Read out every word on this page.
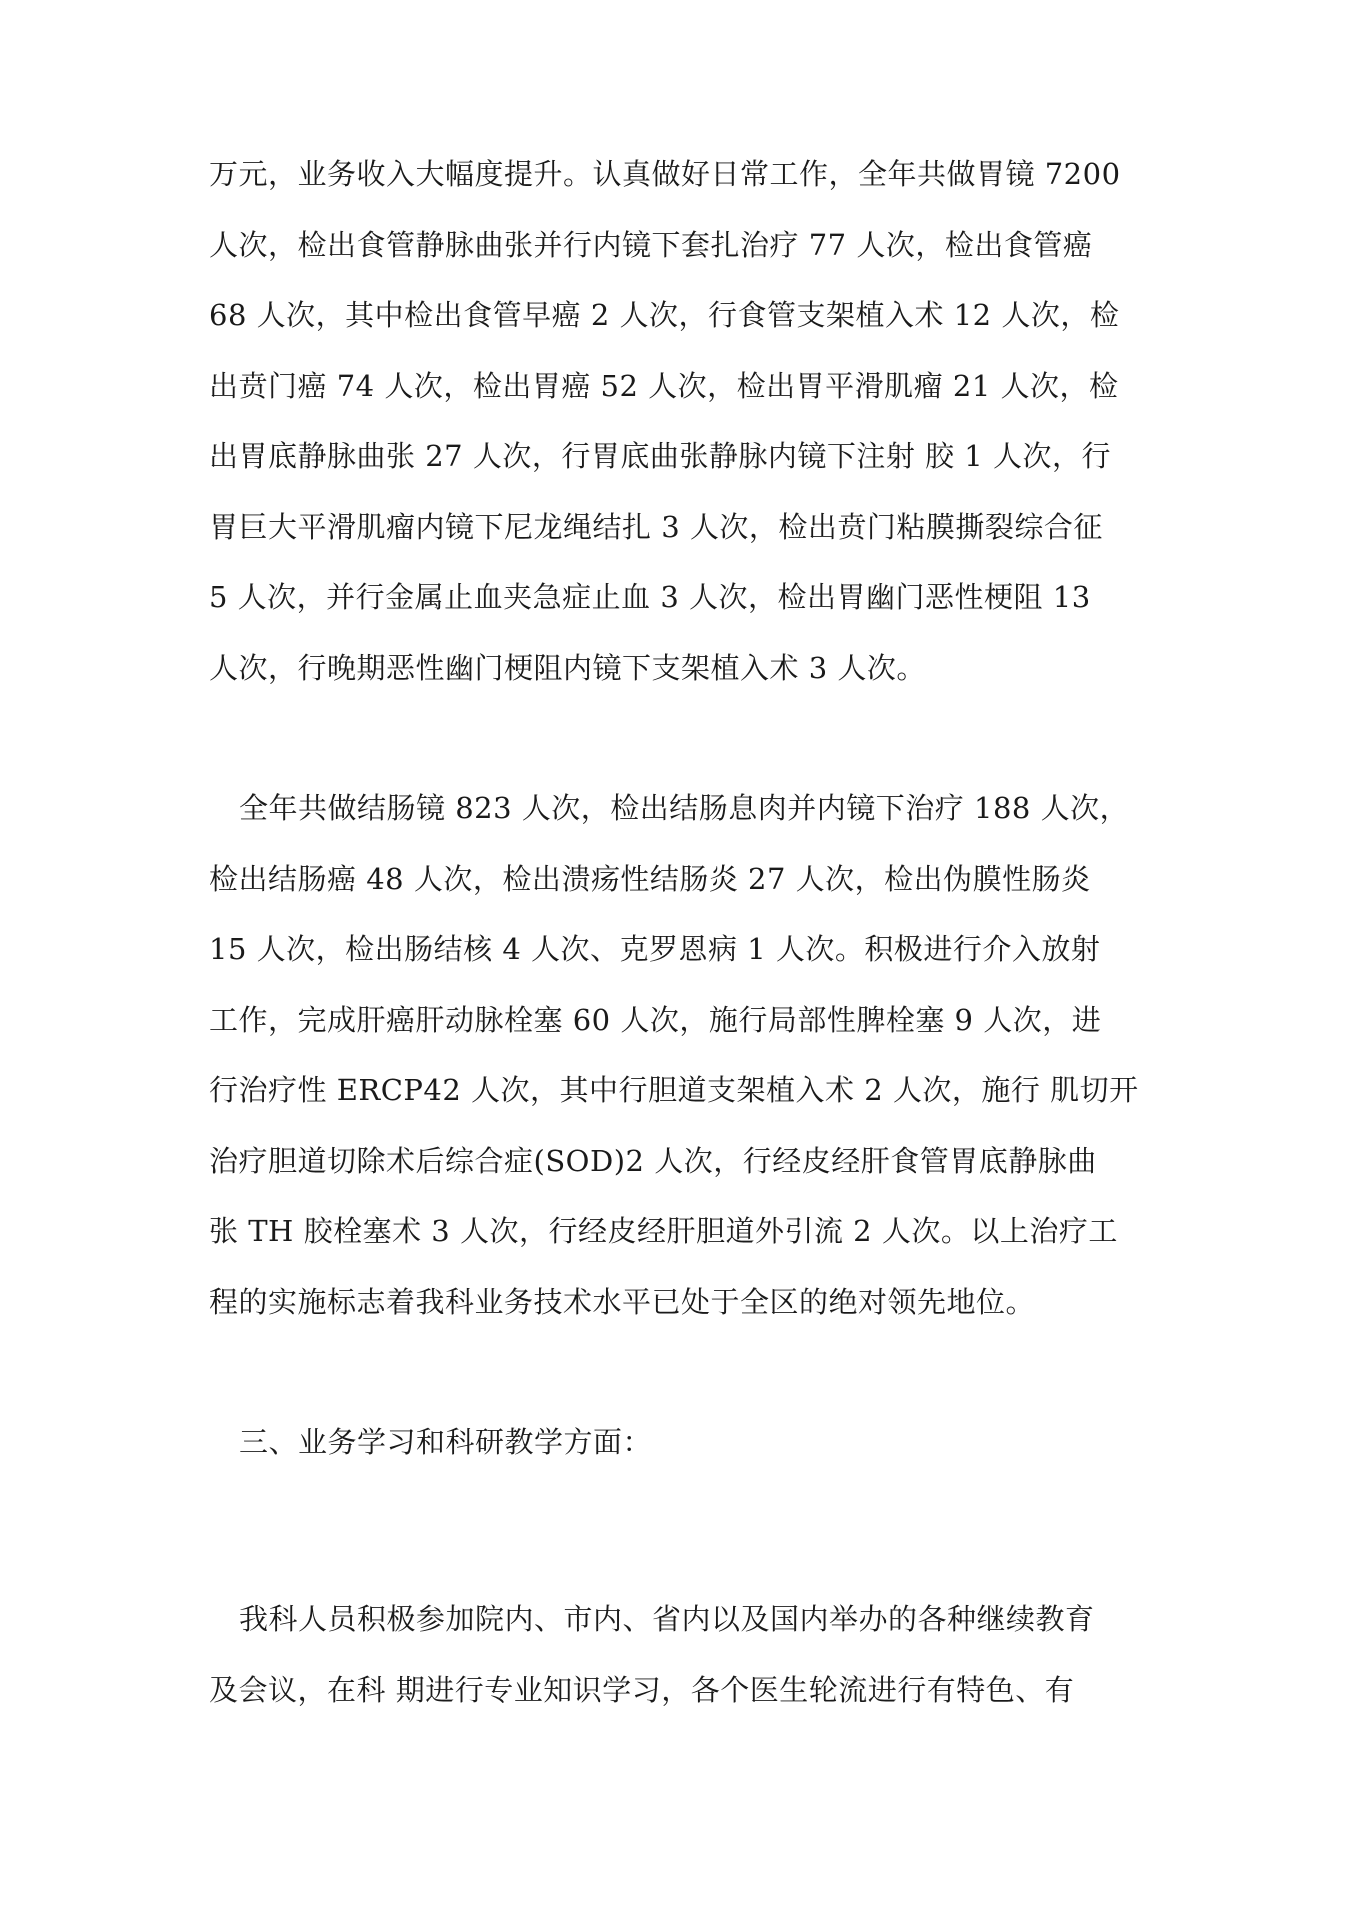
万元，业务收入大幅度提升。认真做好日常工作，全年共做胃镜 7200
人次，检出食管静脉曲张并行内镜下套扎治疗 77 人次，检出食管癌
68 人次，其中检出食管早癌 2 人次，行食管支架植入术 12 人次，检
出贲门癌 74 人次，检出胃癌 52 人次，检出胃平滑肌瘤 21 人次，检
出胃底静脉曲张 27 人次，行胃底曲张静脉内镜下注射 胶 1 人次，行
胃巨大平滑肌瘤内镜下尼龙绳结扎 3 人次，检出贲门粘膜撕裂综合征
5 人次，并行金属止血夹急症止血 3 人次，检出胃幽门恶性梗阻 13
人次，行晚期恶性幽门梗阻内镜下支架植入术 3 人次。
全年共做结肠镜 823 人次，检出结肠息肉并内镜下治疗 188 人次，
检出结肠癌 48 人次，检出溃疡性结肠炎 27 人次，检出伪膜性肠炎
15 人次，检出肠结核 4 人次、克罗恩病 1 人次。积极进行介入放射
工作，完成肝癌肝动脉栓塞 60 人次，施行局部性脾栓塞 9 人次，进
行治疗性 ERCP42 人次，其中行胆道支架植入术 2 人次，施行 肌切开
治疗胆道切除术后综合症(SOD)2 人次，行经皮经肝食管胃底静脉曲
张 TH 胶栓塞术 3 人次，行经皮经肝胆道外引流 2 人次。以上治疗工
程的实施标志着我科业务技术水平已处于全区的绝对领先地位。
三、业务学习和科研教学方面：
我科人员积极参加院内、市内、省内以及国内举办的各种继续教育
及会议，在科 期进行专业知识学习，各个医生轮流进行有特色、有
